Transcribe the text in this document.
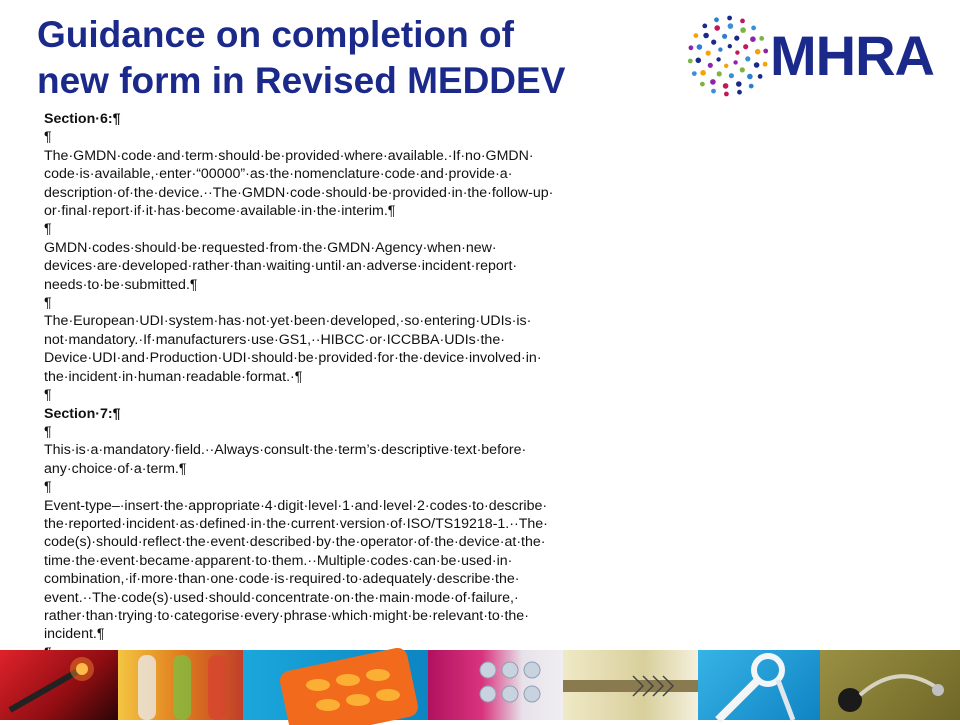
Guidance on completion of
new form in Revised MEDDEV	MHRA

Section·6:¶

¶

The·GMDN·code·and·term·should·be·provided·where·available.·If·no·GMDN·

code·is·available,·enter·“00000”·as·the·nomenclature·code·and·provide·a·

description·of·the·device.··The·GMDN·code·should·be·provided·in·the·follow-up·

or·final·report·if·it·has·become·available·in·the·interim.¶

¶

GMDN·codes·should·be·requested·from·the·GMDN·Agency·when·new·

devices·are·developed·rather·than·waiting·until·an·adverse·incident·report·

needs·to·be·submitted.¶

¶

The·European·UDI·system·has·not·yet·been·developed,·so·entering·UDIs·is·

not·mandatory.·If·manufacturers·use·GS1,··HIBCC·or·ICCBBA·UDIs·the·

Device·UDI·and·Production·UDI·should·be·provided·for·the·device·involved·in·

the·incident·in·human·readable·format.·¶

¶

Section·7:¶

¶

This·is·a·mandatory·field.··Always·consult·the·term’s·descriptive·text·before·

any·choice·of·a·term.¶

¶

Event-type–·insert·the·appropriate·4·digit·level·1·and·level·2·codes·to·describe·

the·reported·incident·as·defined·in·the·current·version·of·ISO/TS19218-1.··The·

code(s)·should·reflect·the·event·described·by·the·operator·of·the·device·at·the·

time·the·event·became·apparent·to·them.··Multiple·codes·can·be·used·in·

combination,·if·more·than·one·code·is·required·to·adequately·describe·the·

event.··The·code(s)·used·should·concentrate·on·the·main·mode·of·failure,·

rather·than·trying·to·categorise·every·phrase·which·might·be·relevant·to·the·

incident.¶
